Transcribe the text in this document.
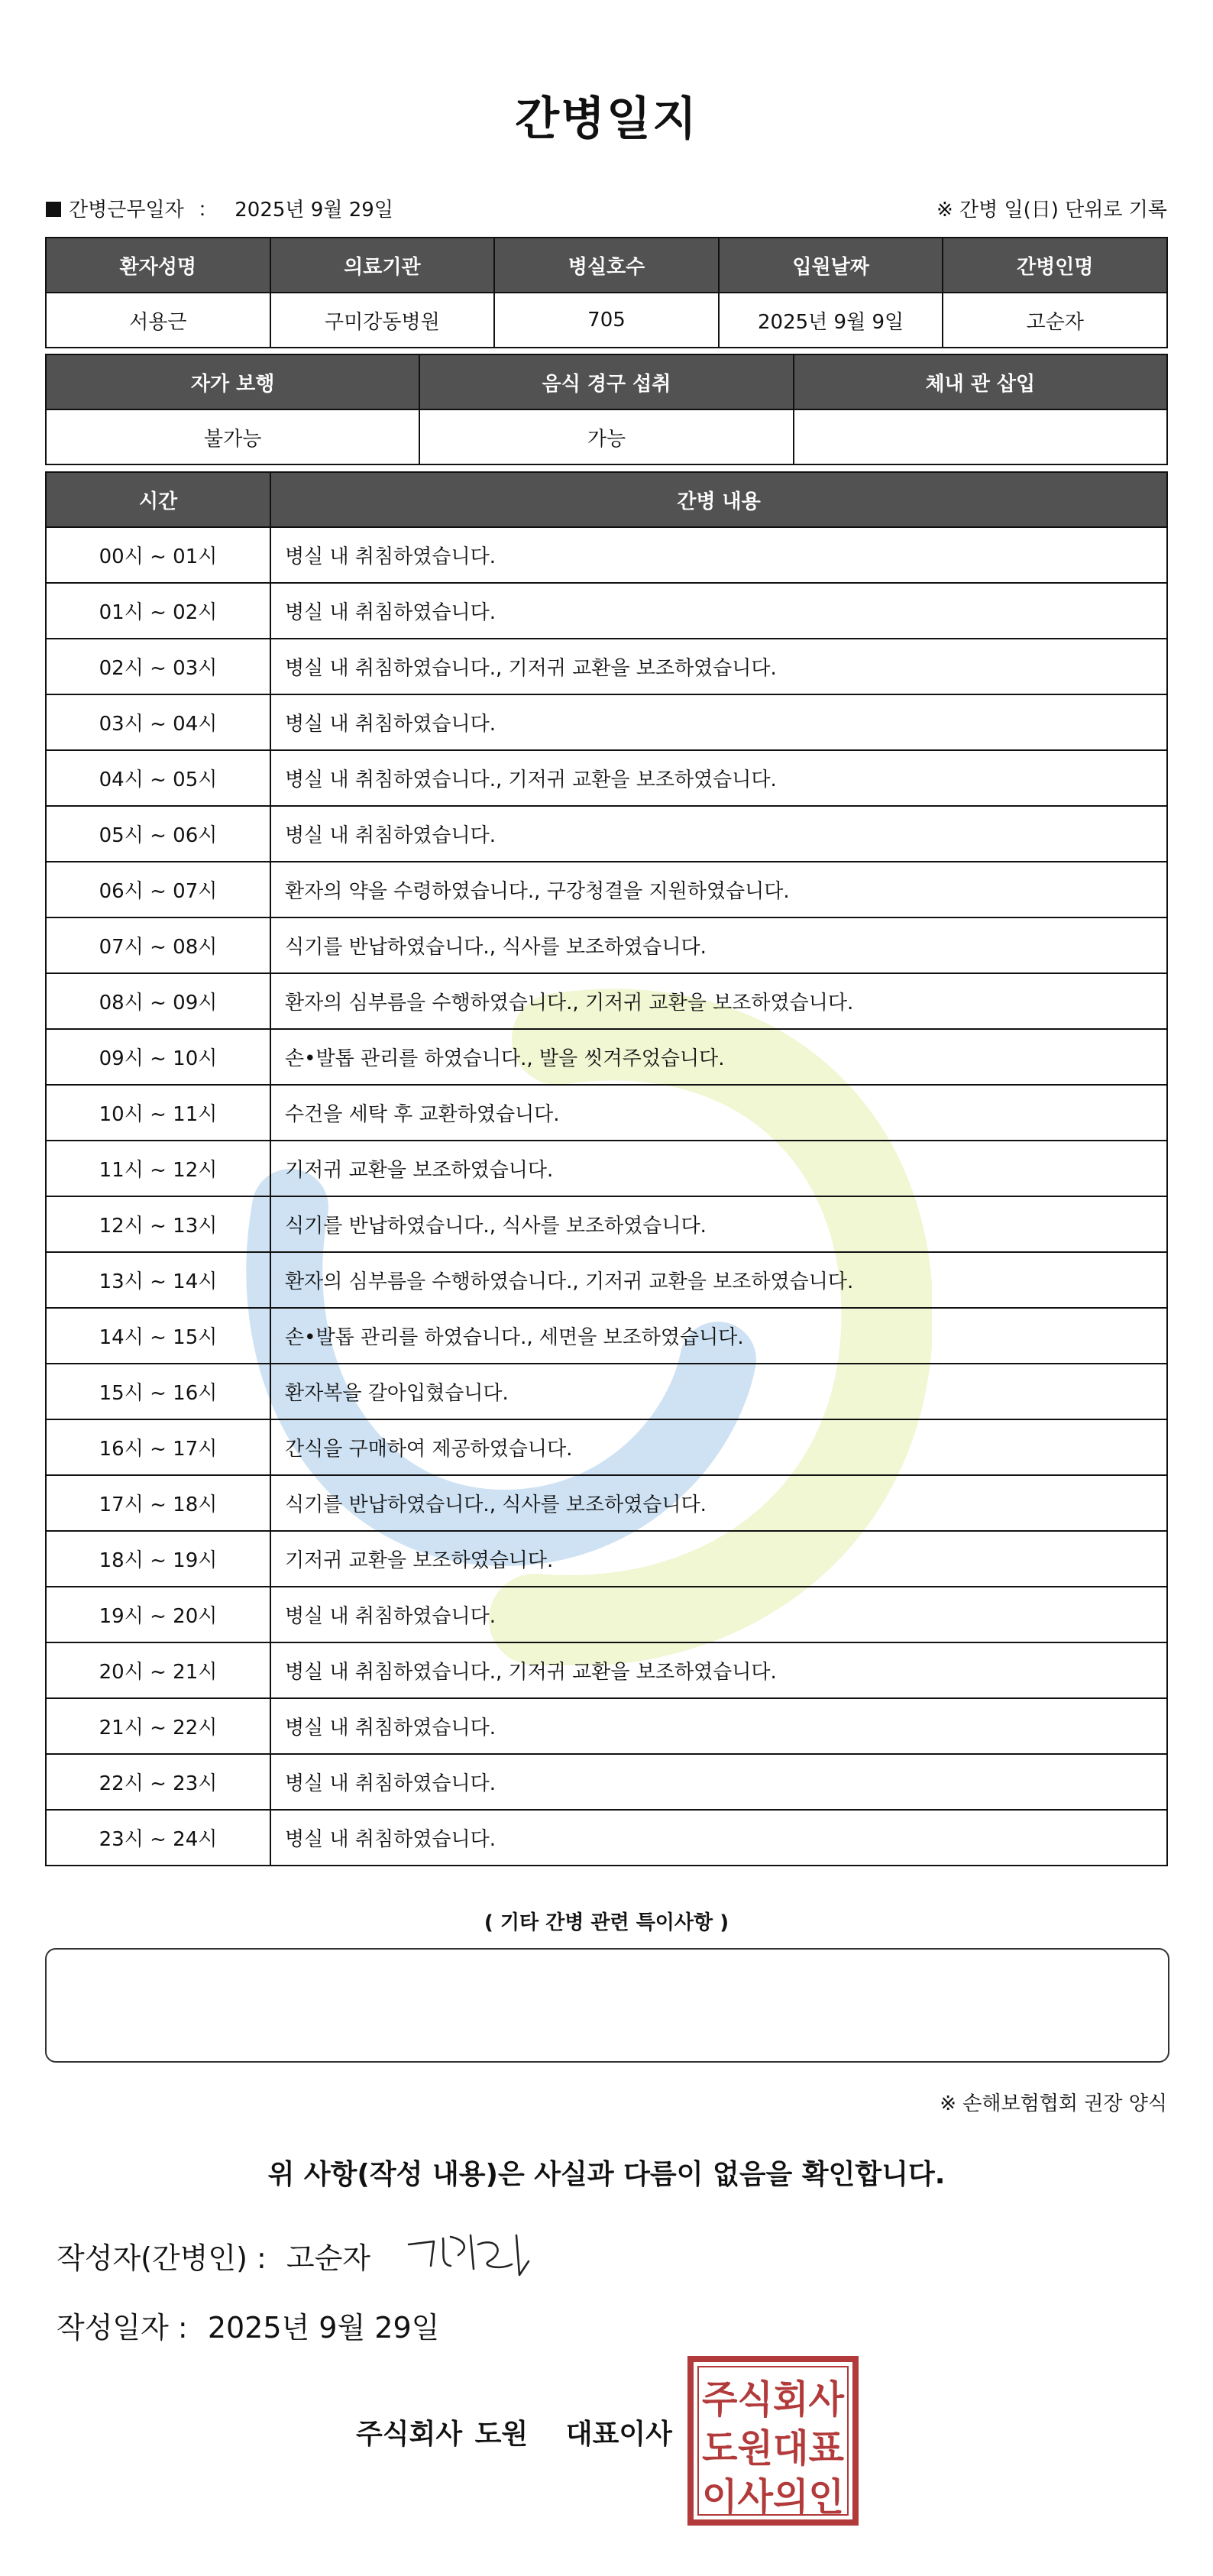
간병일지
간병근무일자 ： 2025년 9월 29일	※ 간병 일(日) 단위로 기록
환자성명	의료기관	병실호수	입원날짜	간병인명
서용근	구미강동병원	705	2025년 9월 9일	고순자
자가 보행	음식 경구 섭취	체내 관 삽입
불가능	가능	
시간	간병 내용
00시 ~ 01시	병실 내 취침하였습니다.
01시 ~ 02시	병실 내 취침하였습니다.
02시 ~ 03시	병실 내 취침하였습니다., 기저귀 교환을 보조하였습니다.
03시 ~ 04시	병실 내 취침하였습니다.
04시 ~ 05시	병실 내 취침하였습니다., 기저귀 교환을 보조하였습니다.
05시 ~ 06시	병실 내 취침하였습니다.
06시 ~ 07시	환자의 약을 수령하였습니다., 구강청결을 지원하였습니다.
07시 ~ 08시	식기를 반납하였습니다., 식사를 보조하였습니다.
08시 ~ 09시	환자의 심부름을 수행하였습니다., 기저귀 교환을 보조하였습니다.
09시 ~ 10시	손•발톱 관리를 하였습니다., 발을 씻겨주었습니다.
10시 ~ 11시	수건을 세탁 후 교환하였습니다.
11시 ~ 12시	기저귀 교환을 보조하였습니다.
12시 ~ 13시	식기를 반납하였습니다., 식사를 보조하였습니다.
13시 ~ 14시	환자의 심부름을 수행하였습니다., 기저귀 교환을 보조하였습니다.
14시 ~ 15시	손•발톱 관리를 하였습니다., 세면을 보조하였습니다.
15시 ~ 16시	환자복을 갈아입혔습니다.
16시 ~ 17시	간식을 구매하여 제공하였습니다.
17시 ~ 18시	식기를 반납하였습니다., 식사를 보조하였습니다.
18시 ~ 19시	기저귀 교환을 보조하였습니다.
19시 ~ 20시	병실 내 취침하였습니다.
20시 ~ 21시	병실 내 취침하였습니다., 기저귀 교환을 보조하였습니다.
21시 ~ 22시	병실 내 취침하였습니다.
22시 ~ 23시	병실 내 취침하였습니다.
23시 ~ 24시	병실 내 취침하였습니다.
( 기타 간병 관련 특이사항 )
※ 손해보험협회 권장 양식
위 사항(작성 내용)은 사실과 다름이 없음을 확인합니다.
작성자(간병인) : 고순자
작성일자 : 2025년 9월 29일
주식회사 도원   대표이사
주식회사
도원대표
이사의인
